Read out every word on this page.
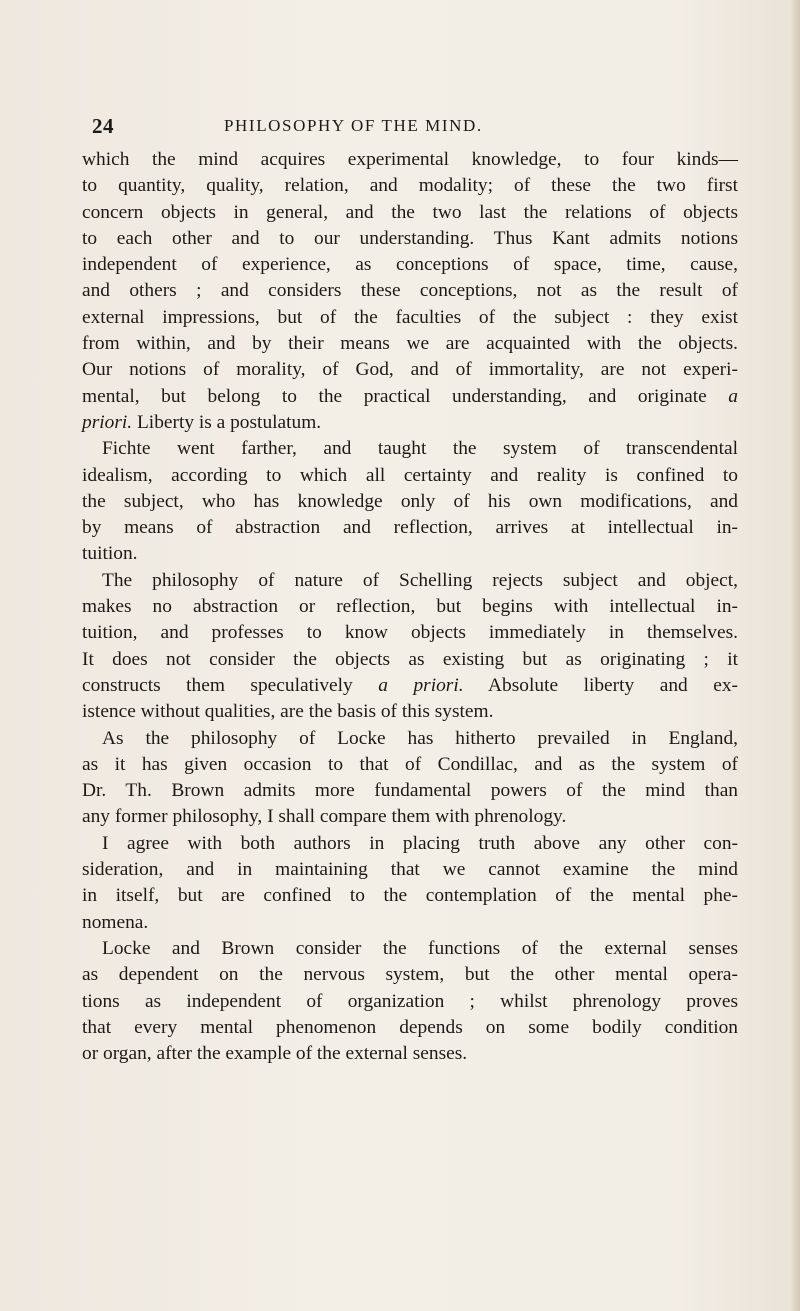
24	PHILOSOPHY OF THE MIND.
which the mind acquires experimental knowledge, to four kinds—
to quantity, quality, relation, and modality; of these the two first
concern objects in general, and the two last the relations of objects
to each other and to our understanding. Thus Kant admits notions
independent of experience, as conceptions of space, time, cause,
and others ; and considers these conceptions, not as the result of
external impressions, but of the faculties of the subject : they exist
from within, and by their means we are acquainted with the objects.
Our notions of morality, of God, and of immortality, are not experi-
mental, but belong to the practical understanding, and originate a
priori. Liberty is a postulatum.
Fichte went farther, and taught the system of transcendental
idealism, according to which all certainty and reality is confined to
the subject, who has knowledge only of his own modifications, and
by means of abstraction and reflection, arrives at intellectual in-
tuition.
The philosophy of nature of Schelling rejects subject and object,
makes no abstraction or reflection, but begins with intellectual in-
tuition, and professes to know objects immediately in themselves.
It does not consider the objects as existing but as originating ; it
constructs them speculatively a priori. Absolute liberty and ex-
istence without qualities, are the basis of this system.
As the philosophy of Locke has hitherto prevailed in England,
as it has given occasion to that of Condillac, and as the system of
Dr. Th. Brown admits more fundamental powers of the mind than
any former philosophy, I shall compare them with phrenology.
I agree with both authors in placing truth above any other con-
sideration, and in maintaining that we cannot examine the mind
in itself, but are confined to the contemplation of the mental phe-
nomena.
Locke and Brown consider the functions of the external senses
as dependent on the nervous system, but the other mental opera-
tions as independent of organization ; whilst phrenology proves
that every mental phenomenon depends on some bodily condition
or organ, after the example of the external senses.
